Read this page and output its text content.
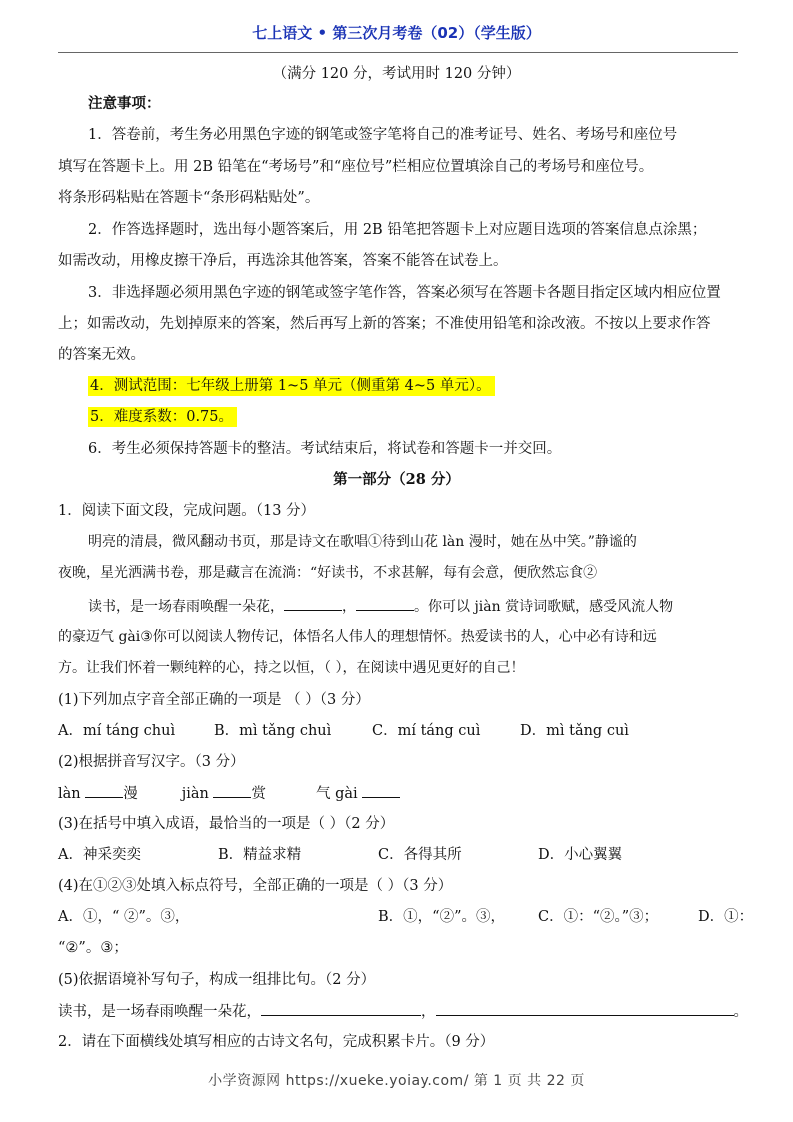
七上语文 • 第三次月考卷（02）（学生版）
（满分 120 分，考试用时 120 分钟）
注意事项：
1．答卷前，考生务必用黑色字迹的钢笔或签字笔将自己的准考证号、姓名、考场号和座位号
填写在答题卡上。用 2B 铅笔在“考场号”和“座位号”栏相应位置填涂自己的考场号和座位号。
将条形码粘贴在答题卡“条形码粘贴处”。
2．作答选择题时，选出每小题答案后，用 2B 铅笔把答题卡上对应题目选项的答案信息点涂黑；
如需改动，用橡皮擦干净后，再选涂其他答案，答案不能答在试卷上。
3．非选择题必须用黑色字迹的钢笔或签字笔作答，答案必须写在答题卡各题目指定区域内相应位置
上；如需改动，先划掉原来的答案，然后再写上新的答案；不准使用铅笔和涂改液。不按以上要求作答
的答案无效。
4．测试范围：七年级上册第 1~5 单元（侧重第 4~5 单元）。
5．难度系数：0.75。
6．考生必须保持答题卡的整洁。考试结束后，将试卷和答题卡一并交回。
第一部分（28 分）
1．阅读下面文段，完成问题。（13 分）
明亮的清晨，微风翻动书页，那是诗文在歌唱①待到山花 làn 漫时，她在丛中笑。”静谧的
夜晚，星光洒满书卷，那是藏言在流淌：“好读书，不求甚解，每有会意，便欣然忘食②
读书，是一场春雨唤醒一朵花，	，	。你可以 jiàn 赏诗词歌赋，感受风流人物
的豪迈气 gài③你可以阅读人物传记，体悟名人伟人的理想情怀。热爱读书的人，心中必有诗和远
方。让我们怀着一颗纯粹的心，持之以恒，（ ），在阅读中遇见更好的自己！
(1)下列加点字音全部正确的一项是 （ ）（3 分）
A．mí táng chuì	B．mì tǎng chuì	C．mí táng cuì	D．mì tǎng cuì
(2)根据拼音写汉字。（3 分）
làn	漫	jiàn	赏	气 gài
(3)在括号中填入成语，最恰当的一项是（ ）（2 分）
A．神采奕奕	B．精益求精	C．各得其所	D．小心翼翼
(4)在①②③处填入标点符号，全部正确的一项是（ ）（3 分）
A．①，“ ②”。③，	B．①，“②”。③， C．①：“②。”③；	D．①：
“②”。③；
(5)依据语境补写句子，构成一组排比句。（2 分）
读书，是一场春雨唤醒一朵花，	，	。
2．请在下面横线处填写相应的古诗文名句，完成积累卡片。（9 分）
小学资源网 https://xueke.yoiay.com/ 第 1 页 共 22 页
